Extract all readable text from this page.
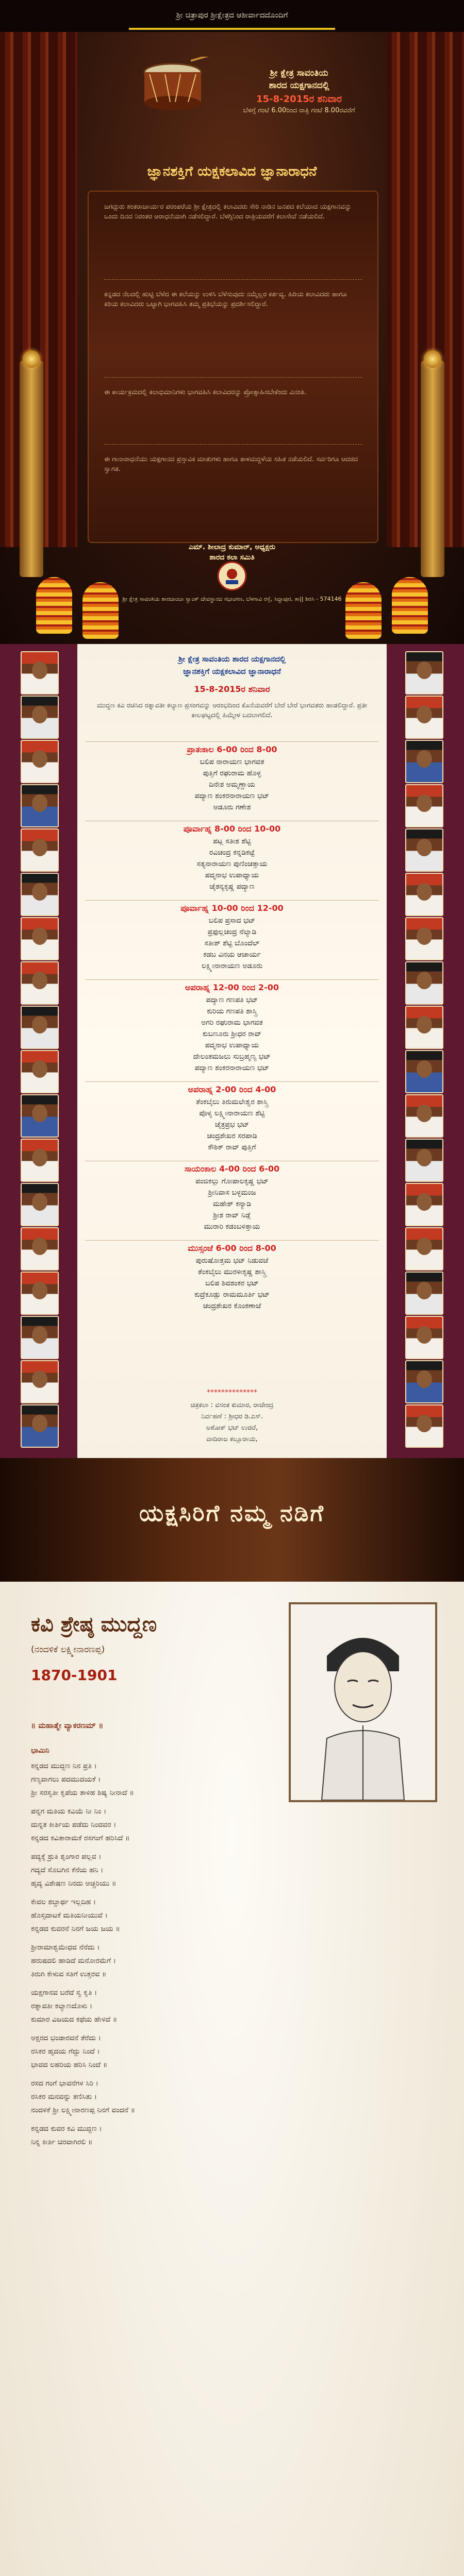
ಶ್ರೀ ಚಿತ್ರಾಪುರ ಶ್ರೀಕ್ಷೇತ್ರದ ಆಶೀರ್ವಾದದೊಂದಿಗೆ
ಶ್ರೀ ಕ್ಷೇತ್ರ ಸಾವಂತಿಯ
ಶಾರದ ಯಕ್ಷಗಾನದಲ್ಲಿ
15-8-2015ರ ಶನಿವಾರ
ಬೆಳಗ್ಗೆ ಗಂಟೆ 6.00ರಿಂದ ರಾತ್ರಿ ಗಂಟೆ 8.00ರವರೆಗೆ
ಜ್ಞಾನಶಕ್ತಿಗೆ ಯಕ್ಷಕಲಾವಿದ ಜ್ಞಾನಾರಾಧನೆ

ಜಗದ್ಗುರು ಶಂಕರಾಚಾರ್ಯರ ಪರಂಪರೆಯ ಶ್ರೀ ಕ್ಷೇತ್ರದಲ್ಲಿ ಕಲಾವಿದರು ಸೇರಿ ನಾಡಿನ ಜನಪದ ಕಲೆಯಾದ ಯಕ್ಷಗಾನವನ್ನು ಒಂದು ದಿನದ ನಿರಂತರ ಆರಾಧನೆಯಾಗಿ ನಡೆಸಲಿದ್ದಾರೆ. ಬೆಳಗ್ಗಿನಿಂದ ರಾತ್ರಿಯವರೆಗೆ ಕಲಾಸೇವೆ ನಡೆಯಲಿದೆ.

ಕನ್ನಡದ ನೆಲದಲ್ಲಿ ಹುಟ್ಟಿ ಬೆಳೆದ ಈ ಕಲೆಯನ್ನು ಉಳಿಸಿ ಬೆಳೆಸುವುದು ನಮ್ಮೆಲ್ಲರ ಕರ್ತವ್ಯ. ಹಿರಿಯ ಕಲಾವಿದರು ಹಾಗೂ ಕಿರಿಯ ಕಲಾವಿದರು ಒಟ್ಟಾಗಿ ಭಾಗವಹಿಸಿ ತಮ್ಮ ಪ್ರತಿಭೆಯನ್ನು ಪ್ರದರ್ಶಿಸಲಿದ್ದಾರೆ.

ಈ ಕಾರ್ಯಕ್ರಮದಲ್ಲಿ ಕಲಾಭಿಮಾನಿಗಳು ಭಾಗವಹಿಸಿ ಕಲಾವಿದರನ್ನು ಪ್ರೋತ್ಸಾಹಿಸಬೇಕೆಂದು ವಿನಂತಿ.

ಈ ಗಾನಾರಾಧನೆಯು ಯಕ್ಷಗಾನದ ಪ್ರಸ್ತಾವಿಕ ಮಾತುಗಳು ಹಾಗೂ ತಾಳಮದ್ದಳೆಯ ಸಹಿತ ನಡೆಯಲಿದೆ. ಸರ್ವರಿಗೂ ಆದರದ ಸ್ವಾಗತ.

ಎಮ್. ಶೀಲಾದ್ರ ಕುಮಾರ್, ಅಧ್ಯಕ್ಷರು
ಶಾರದ ಕಲಾ ಸಮಿತಿ
ಶ್ರೀ ಕ್ಷೇತ್ರ ಸಾವಂತಿಯ ಶಾರದಾಂಬಾ ಸ್ವಾಂತ್ ದೇವಸ್ಥಾನದ ಸಭಾಂಗಣ, ಬೆಳಗಾವಿ ರಸ್ತೆ, ಸಿದ್ದಾಪುರ, ತಾ|| ಶಿರಸಿ - 574146
ಶ್ರೀ ಕ್ಷೇತ್ರ ಸಾವಂತಿಯ ಶಾರದ ಯಕ್ಷಗಾನದಲ್ಲಿ
ಜ್ಞಾನಶಕ್ತಿಗೆ ಯಕ್ಷಕಲಾವಿದ ಜ್ಞಾನಾರಾಧನೆ
15-8-2015ರ ಶನಿವಾರ
ಮುದ್ದಣ ಕವಿ ರಚಿಸಿದ ರತ್ನಾವತೀ ಕಲ್ಯಾಣ ಪ್ರಸಂಗವನ್ನು ಆರಂಭದಿಂದ ಕೊನೆಯವರೆಗೆ ಬೇರೆ ಬೇರೆ ಭಾಗವತರು ಹಾಡಲಿದ್ದಾರೆ. ಪ್ರತೀ ಕಾಲಘಟ್ಟದಲ್ಲಿ ಹಿಮ್ಮೇಳ ಬದಲಾಗಲಿದೆ.
ಪ್ರಾತಃಕಾಲ 6-00 ರಿಂದ 8-00
ಬಲಿಪ ನಾರಾಯಣ ಭಾಗವತ
ಪುತ್ತಿಗೆ ರಘುರಾಮ ಹೊಳ್ಳ
ದಿನೇಶ ಅಮ್ಮಣ್ಣಾಯ
ಪದ್ಯಾಣ ಶಂಕರನಾರಾಯಣ ಭಟ್
ಅಡೂರು ಗಣೇಶ
ಪೂರ್ವಾಹ್ನ 8-00 ರಿಂದ 10-00
ಪಟ್ಲ ಸತೀಶ ಶೆಟ್ಟಿ
ರವಿಚಂದ್ರ ಕನ್ನಡಿಕಟ್ಟೆ
ಸತ್ಯನಾರಾಯಣ ಪುಣಿಂಚತ್ತಾಯ
ಪದ್ಮನಾಭ ಉಪಾಧ್ಯಾಯ
ಚೈತನ್ಯಕೃಷ್ಣ ಪದ್ಯಾಣ
ಪೂರ್ವಾಹ್ನ 10-00 ರಿಂದ 12-00
ಬಲಿಪ ಪ್ರಸಾದ ಭಟ್
ಪ್ರಫುಲ್ಲಚಂದ್ರ ನೆಲ್ಯಾಡಿ
ಸತೀಶ್ ಶೆಟ್ಟಿ ಬೊಂದೆಲ್
ಕಡಬ ವಿನಯ ಆಚಾರ್ಯ
ಲಕ್ಷ್ಮೀನಾರಾಯಣ ಅಡೂರು
ಅಪರಾಹ್ನ 12-00 ರಿಂದ 2-00
ಪದ್ಯಾಣ ಗಣಪತಿ ಭಟ್
ಕುರಿಯ ಗಣಪತಿ ಶಾಸ್ತ್ರಿ
ಅಗರಿ ರಘುರಾಮ ಭಾಗವತ
ಕುಬಣೂರು ಶ್ರೀಧರ ರಾವ್
ಪದ್ಮನಾಭ ಉಪಾಧ್ಯಾಯ
ದೇಲಂತಮಜಲು ಸುಬ್ರಹ್ಮಣ್ಯ ಭಟ್
ಪದ್ಯಾಣ ಶಂಕರನಾರಾಯಣ ಭಟ್
ಅಪರಾಹ್ನ 2-00 ರಿಂದ 4-00
ತೆಂಕಬೈಲು ತಿರುಮಲೇಶ್ವರ ಶಾಸ್ತ್ರಿ
ಪೊಳ್ಯ ಲಕ್ಷ್ಮೀನಾರಾಯಣ ಶೆಟ್ಟಿ
ಚೈತ್ರಪ್ರಭ ಭಟ್
ಚಂದ್ರಶೇಖರ ಸರಪಾಡಿ
ಕೌಶಿಕ್ ರಾವ್ ಪುತ್ತಿಗೆ
ಸಾಯಂಕಾಲ 4-00 ರಿಂದ 6-00
ಪಂಜಿಕಲ್ಲು ಗೋಪಾಲಕೃಷ್ಣ ಭಟ್
ಶ್ರೀನಿವಾಸ ಬಳ್ಳಮಂಜ
ಮಹೇಶ್ ಕನ್ಯಾಡಿ
ಶ್ರೀಶ ರಾವ್ ನಿಡ್ಲೆ
ಮುರಾರಿ ಕಡಂಬಳಿತ್ತಾಯ
ಮುಸ್ಸಂಜೆ 6-00 ರಿಂದ 8-00
ಪುರುಷೋತ್ತಮ ಭಟ್ ನಿಡುವಜೆ
ತೆಂಕಬೈಲು ಮುರಳೀಕೃಷ್ಣ ಶಾಸ್ತ್ರಿ
ಬಲಿಪ ಶಿವಶಂಕರ ಭಟ್
ಕುದ್ರೆಕೂಡ್ಲು ರಾಮಮೂರ್ತಿ ಭಟ್
ಚಂದ್ರಶೇಖರ ಕೊಂಕಣಾಜೆ
**************
ಚಿತ್ರಕಲಾ : ವಸಂತ ಕುಮಾರ, ರಾಜೇಂದ್ರ
ನಿರ್ವಹಣೆ : ಶ್ರೀಧರ ಡಿ.ಎಸ್.
ಅಶೋಕ್ ಭಟ್ ಉಜಿರೆ,
ವಾದಿರಾಜ ಕಲ್ಲೂರಾಯ,
ಯಕ್ಷಸಿರಿಗೆ ನಮ್ಮ ನಡಿಗೆ
ಕವಿ ಶ್ರೇಷ್ಠ ಮುದ್ದಣ
(ನಂದಳಿಕೆ ಲಕ್ಷ್ಮೀನಾರಣಪ್ಪ)
1870-1901
॥ ಮಹಾತ್ಮೇ ವ್ಯಾಕರಣಮ್ ॥
ಭಾಮಿನಿ
ಕನ್ನಡದ ಮುದ್ದಣ ನಿನ ಪ್ರತಿ ।
ಗಣ್ಯವಾಗಲು ಪದಮುದಯಕೆ ।
ಶ್ರೀ ಸರಸ್ವತೀ ಕೃಪೆಯ ತಾಳಿಹ ಶಿಷ್ಯ ನೀನಾದೆ ॥
ಪನ್ನಗ ಮತಿಯ ಕವಿಯೆ ನೀ ನಿಂ ।
ದುನ್ನತ ಕೀರ್ತಿಯ ಪಡೆದು ನಿಂದವರ ।
ಕನ್ನಡದ ಕವಿತಾರಾಮಕೆ ರಸಗಂಗೆ ಹರಿಸಿದೆ ॥
ಪದ್ಯಕ್ಕೆ ಶ್ರುತಿ ಶೃಂಗಾರ ಪಲ್ಲವ ।
ಗದ್ಯದೆ ಸೊಬಗಿನ ಕೆನೆಯ ಹನಿ ।
ಹೃದ್ಯ ವಿಶೇಷಣ ನಿನದು ಅಚ್ಚರಿಯು ॥
ಕೇವಲ ಶಬ್ದಾರ್ಥ ಇಲ್ಲದಿಹ ।
ಹೊಸ್ಸದಾಟಕೆ ಮತಿಯನೀಯುವೆ ।
ಕನ್ನಡದ ಕುವರನೆ ನಿನಗೆ ಜಯ ಜಯ ॥
ಶ್ರೀರಾಮಾಶ್ವಮೇಧವ ನೆನೆದು ।
ಹರುಷದಲಿ ಹಾಡಿದೆ ಮನೋರಮೆಗೆ ।
ತಿರುಗಿ ಕೇಳುವ ಸತಿಗೆ ಉತ್ತರವ ॥
ಯಕ್ಷಗಾನವ ಬರೆದೆ ಸ್ವ ಕೃತಿ ।
ರತ್ನಾವತೀ ಕಲ್ಯಾಣದೊಳು ।
ಕುಮಾರ ವಿಜಯದ ಕಥೆಯ ಹೇಳಿದೆ ॥
ಅಕ್ಷರದ ಭಂಡಾರವನೆ ತೆರೆದು ।
ರಸಿಕರ ಹೃದಯ ಗೆದ್ದು ನಿಂದೆ ।
ಭಾವದ ಲಹರಿಯ ಹರಿಸಿ ನಿಂದೆ ॥
ರಸದ ಗಂಗೆ ಭಾವನೆಗಳ ಸಿರಿ ।
ರಸಿಕರ ಮನವನ್ನು ತಣಿಸಿತು ।
ನಂದಳಿಕೆ ಶ್ರೀ ಲಕ್ಷ್ಮೀನಾರಣಪ್ಪ ನಿನಗೆ ವಂದನೆ ॥
ಕನ್ನಡದ ಕುವರ ಕವಿ ಮುದ್ದಣ ।
ನಿನ್ನ ಕೀರ್ತಿ ಚಿರವಾಗಿರಲಿ ॥
